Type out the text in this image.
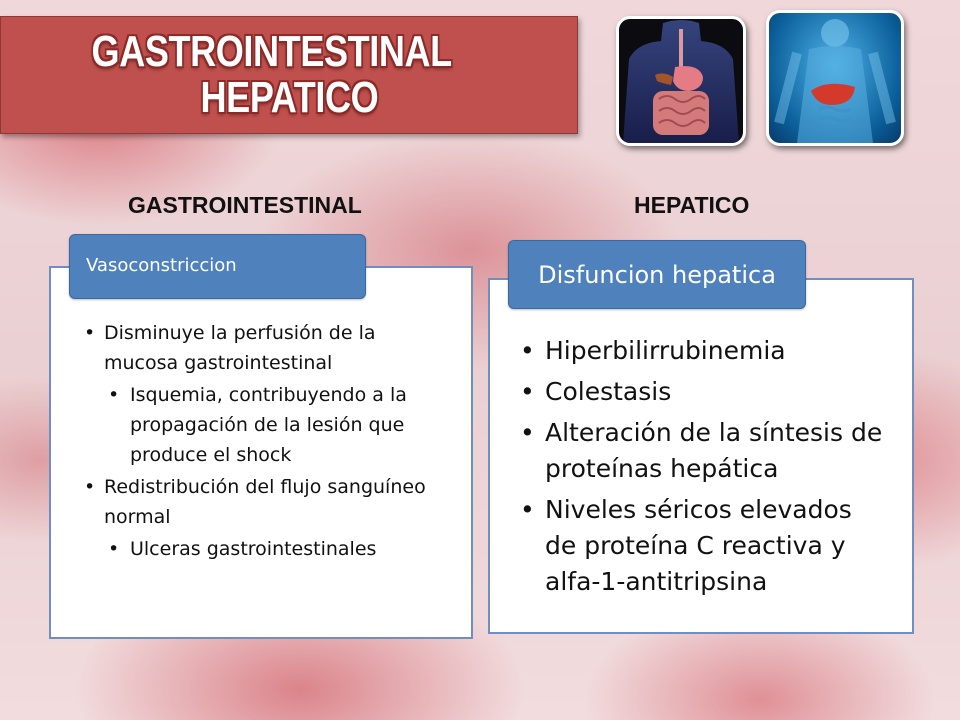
GASTROINTESTINAL
HEPATICO
GASTROINTESTINAL	HEPATICO
Vasoconstriccion
• Disminuye la perfusión de la mucosa gastrointestinal
• Isquemia, contribuyendo a la propagación de la lesión que produce el shock
• Redistribución del flujo sanguíneo normal
• Ulceras gastrointestinales
Disfuncion hepatica
• Hiperbilirrubinemia
• Colestasis
• Alteración de la síntesis de proteínas hepática
• Niveles séricos elevados de proteína C reactiva y alfa-1-antitripsina
